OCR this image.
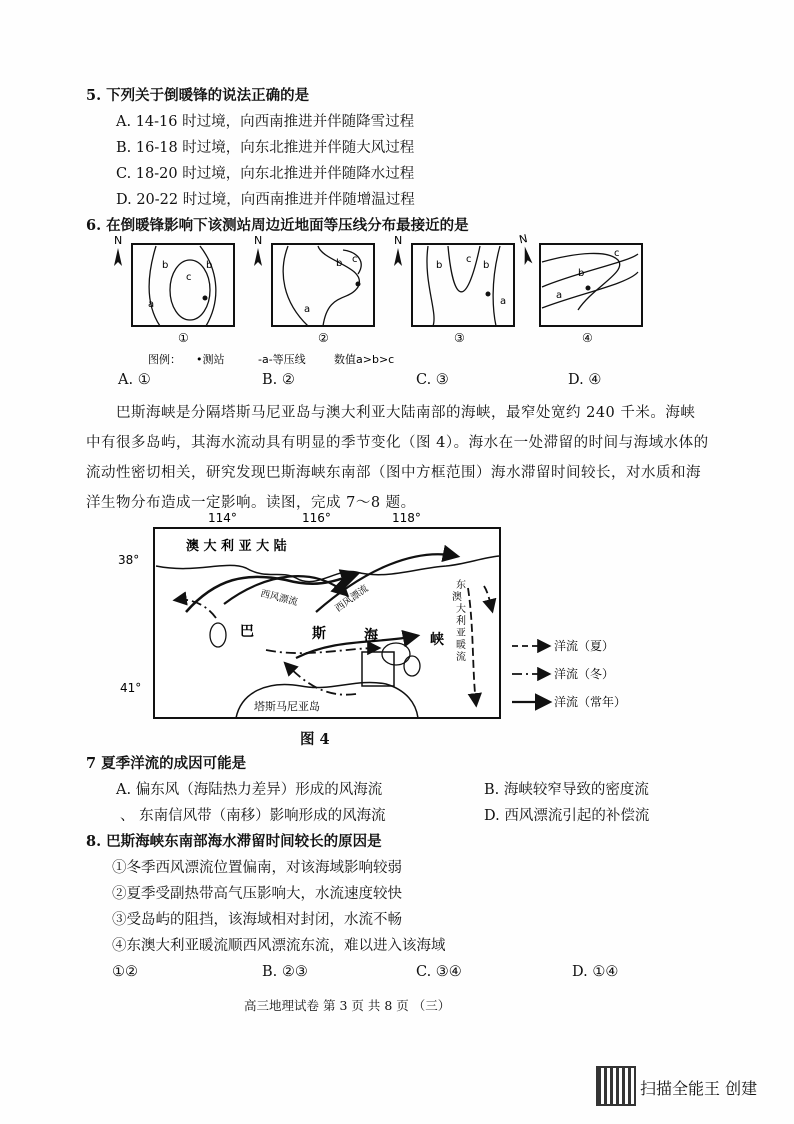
5. 下列关于倒暖锋的说法正确的是
A. 14-16 时过境，向西南推进并伴随降雪过程
B. 16-18 时过境，向东北推进并伴随大风过程
C. 18-20 时过境，向东北推进并伴随降水过程
D. 20-22 时过境，向西南推进并伴随增温过程
6. 在倒暖锋影响下该测站周边近地面等压线分布最接近的是
N
b
a
c
b
①
N
b
a
c
②
N
b
c
b
a
③
N
c
b
a
④
图例： •测站	-a-等压线	数值a>b>c
A. ①	B. ②	C. ③	D. ④
巴斯海峡是分隔塔斯马尼亚岛与澳大利亚大陆南部的海峡，最窄处宽约 240 千米。海峡中有很多岛屿，其海水流动具有明显的季节变化（图 4）。海水在一处滞留的时间与海域水体的流动性密切相关，研究发现巴斯海峡东南部（图中方框范围）海水滞留时间较长，对水质和海洋生物分布造成一定影响。读图，完成 7～8 题。
114°	116°	118°
38°
41°
澳 大 利 亚 大 陆
塔斯马尼亚岛
西风漂流	西风漂流
巴	斯	海	峡
东
澳
大
利
亚
暖
流
洋流（夏）
洋流（冬）
洋流（常年）
图 4
7 夏季洋流的成因可能是
A. 偏东风（海陆热力差异）形成的风海流	B. 海峡较窄导致的密度流
、 东南信风带（南移）影响形成的风海流	D. 西风漂流引起的补偿流
8. 巴斯海峡东南部海水滞留时间较长的原因是
①冬季西风漂流位置偏南，对该海域影响较弱
②夏季受副热带高气压影响大，水流速度较快
③受岛屿的阻挡，该海域相对封闭，水流不畅
④东澳大利亚暖流顺西风漂流东流，难以进入该海域
①②	B. ②③	C. ③④	D. ①④
高三地理试卷 第 3 页 共 8 页 （三）
扫描全能王 创建
